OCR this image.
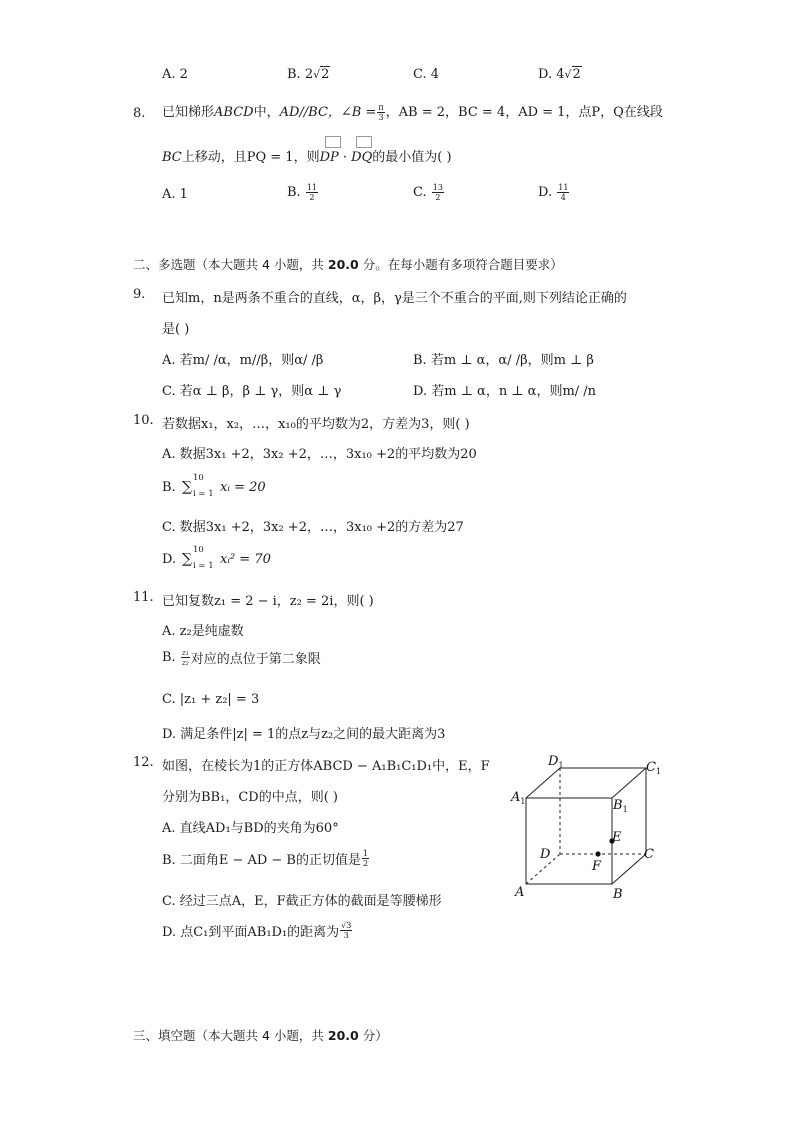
A. 2	B. 2√2	C. 4	D. 4√2
8. 已知梯形ABCD中，AD//BC，∠B = $\frac{\pi}{3}$ ，AB = 2，BC = 4，AD = 1，点P，Q在线段
BC上移动，且PQ = 1，则
DP ·
DQ的最小值为( )
A. 1	B. $\frac{11}{2}$	C. $\frac{13}{2}$	D. $\frac{11}{4}$
二、多选题（本大题共 4 小题，共 20.0 分。在每小题有多项符合题目要求）
9. 已知m，n是两条不重合的直线，α，β，γ是三个不重合的平面,则下列结论正确的
是( )
A. 若m/ /α，m//β，则α/ /β	B. 若m ⊥ α，α/ /β，则m ⊥ β
C. 若α ⊥ β，β ⊥ γ，则α ⊥ γ	D. 若m ⊥ α，n ⊥ α，则m/ /n
10. 若数据x₁，x₂，…，x₁₀的平均数为2，方差为3，则( )
A. 数据3x₁ +2，3x₂ +2，…，3x₁₀ +2的平均数为20
B. ∑
10
i = 1 xᵢ = 20
C. 数据3x₁ +2，3x₂ +2，…，3x₁₀ +2的方差为27
D. ∑
10
i = 1 xᵢ² = 70
11. 已知复数z₁ = 2 − i，z₂ = 2i，则( )
A. z₂是纯虚数
B. $\frac{\text{z₁}}{\text{z₂}}$ 对应的点位于第二象限
C. |z₁ + z₂| = 3
D. 满足条件|z| = 1的点z与z₂之间的最大距离为3
12. 如图，在棱长为1的正方体ABCD − A₁B₁C₁D₁中，E，F
分别为BB₁，CD的中点，则( )
A. 直线AD₁与BD的夹角为60°
B. 二面角E − AD − B的正切值是 $\frac{1}{2}$
C. 经过三点A，E，F截正方体的截面是等腰梯形
D. 点C₁到平面AB₁D₁的距离为 $\frac{√3}{3}$
A	B
C
D
F
E
$A_1$	$B_1$
$C_1$
$D_1$
三、填空题（本大题共 4 小题，共 20.0 分）
